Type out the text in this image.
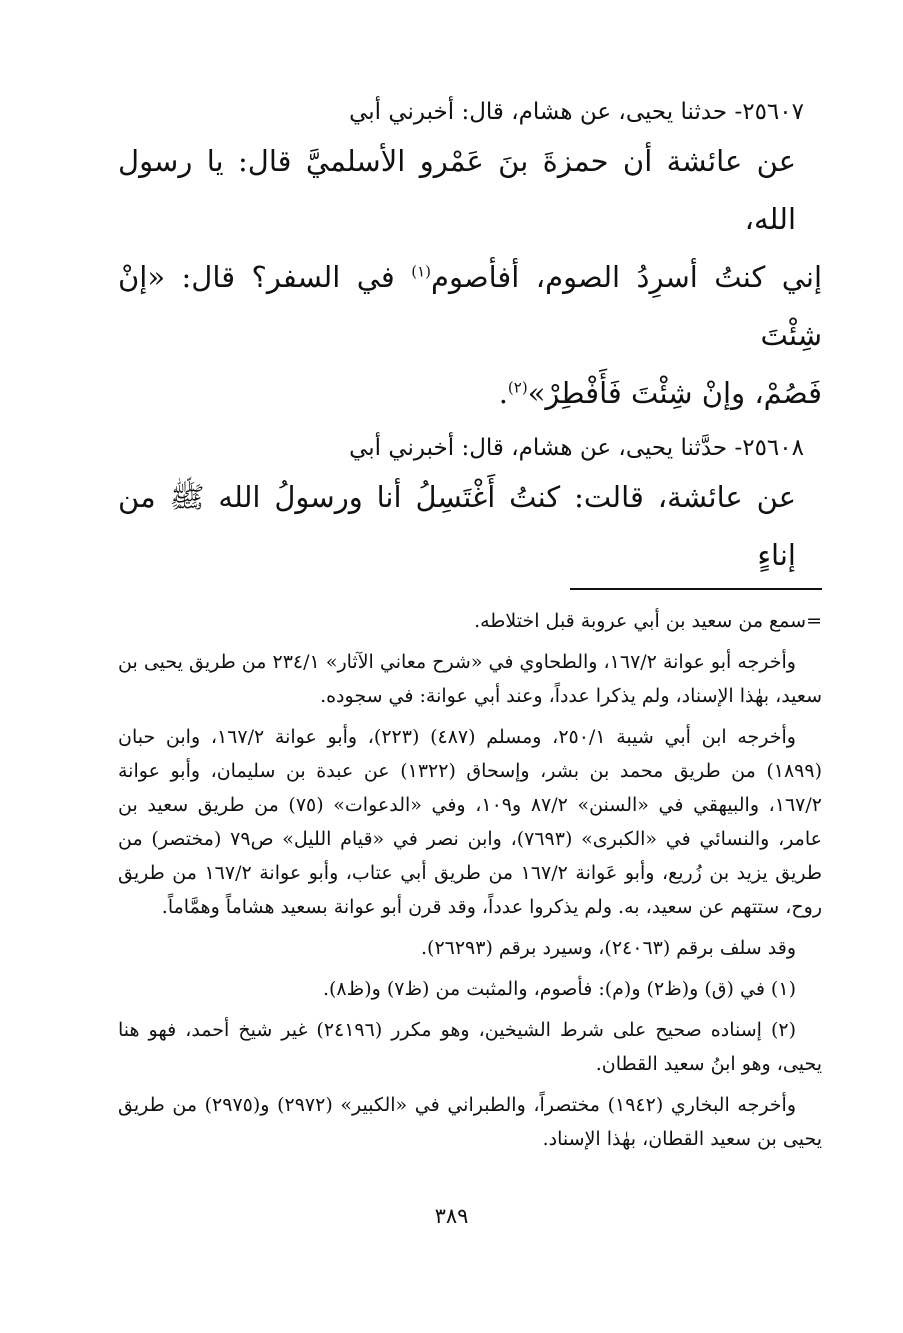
٢٥٦٠٧- حدثنا يحيى، عن هشام، قال: أخبرني أبي
عن عائشة أن حمزةَ بنَ عَمْرو الأسلميَّ قال: يا رسول الله،
إني كنتُ أسرِدُ الصوم، أفأصوم$^{(١)}$ في السفر؟ قال: «إنْ شِئْتَ
فَصُمْ، وإنْ شِئْتَ فَأَفْطِرْ»$^{(٢)}$.
٢٥٦٠٨- حدَّثنا يحيى، عن هشام، قال: أخبرني أبي
عن عائشة، قالت: كنتُ أَغْتَسِلُ أنا ورسولُ الله ﷺ من إناءٍ

=سمع من سعيد بن أبي عروبة قبل اختلاطه.

وأخرجه أبو عوانة ١٦٧/٢، والطحاوي في «شرح معاني الآثار» ٢٣٤/١ من طريق يحيى بن سعيد، بهٰذا الإسناد، ولم يذكرا عدداً، وعند أبي عوانة: في سجوده.

وأخرجه ابن أبي شيبة ٢٥٠/١، ومسلم (٤٨٧) (٢٢٣)، وأبو عوانة ١٦٧/٢، وابن حبان (١٨٩٩) من طريق محمد بن بشر، وإسحاق (١٣٢٢) عن عبدة بن سليمان، وأبو عوانة ١٦٧/٢، والبيهقي في «السنن» ٨٧/٢ و١٠٩، وفي «الدعوات» (٧٥) من طريق سعيد بن عامر، والنسائي في «الكبرى» (٧٦٩٣)، وابن نصر في «قيام الليل» ص٧٩ (مختصر) من طريق يزيد بن زُريع، وأبو عَوانة ١٦٧/٢ من طريق أبي عتاب، وأبو عوانة ١٦٧/٢ من طريق روح، ستتهم عن سعيد، به. ولم يذكروا عدداً، وقد قرن أبو عوانة بسعيد هشاماً وهمَّاماً.

وقد سلف برقم (٢٤٠٦٣)، وسيرد برقم (٢٦٢٩٣).

(١) في (ق) و(ظ٢) و(م): فأصوم، والمثبت من (ظ٧) و(ظ٨).

(٢) إسناده صحيح على شرط الشيخين، وهو مكرر (٢٤١٩٦) غير شيخ أحمد، فهو هنا يحيى، وهو ابنُ سعيد القطان.

وأخرجه البخاري (١٩٤٢) مختصراً، والطبراني في «الكبير» (٢٩٧٢) و(٢٩٧٥) من طريق يحيى بن سعيد القطان، بهٰذا الإسناد.

٣٨٩
